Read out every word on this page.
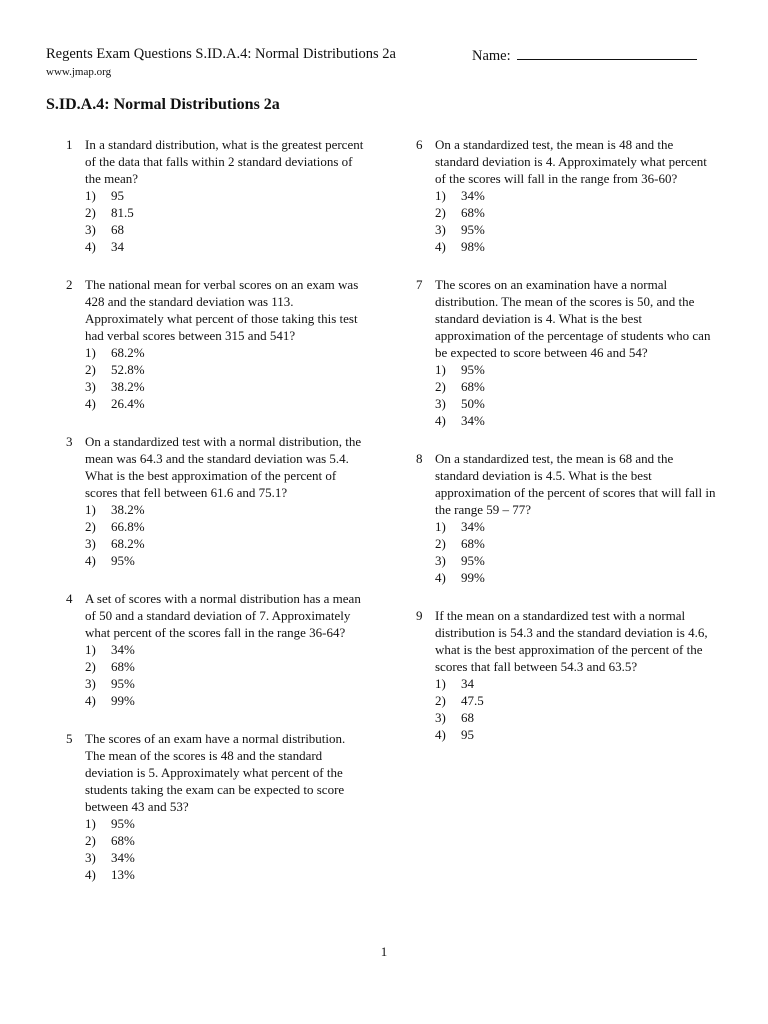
Regents Exam Questions S.ID.A.4: Normal Distributions 2a
www.jmap.org
Name:
S.ID.A.4: Normal Distributions 2a
1 In a standard distribution, what is the greatest percent of the data that falls within 2 standard deviations of the mean?
1)	95
2)	81.5
3)	68
4)	34
2 The national mean for verbal scores on an exam was 428 and the standard deviation was 113. Approximately what percent of those taking this test had verbal scores between 315 and 541?
1)	68.2%
2)	52.8%
3)	38.2%
4)	26.4%
3 On a standardized test with a normal distribution, the mean was 64.3 and the standard deviation was 5.4. What is the best approximation of the percent of scores that fell between 61.6 and 75.1?
1)	38.2%
2)	66.8%
3)	68.2%
4)	95%
4 A set of scores with a normal distribution has a mean of 50 and a standard deviation of 7. Approximately what percent of the scores fall in the range 36-64?
1)	34%
2)	68%
3)	95%
4)	99%
5 The scores of an exam have a normal distribution. The mean of the scores is 48 and the standard deviation is 5. Approximately what percent of the students taking the exam can be expected to score between 43 and 53?
1)	95%
2)	68%
3)	34%
4)	13%
6 On a standardized test, the mean is 48 and the standard deviation is 4. Approximately what percent of the scores will fall in the range from 36-60?
1)	34%
2)	68%
3)	95%
4)	98%
7 The scores on an examination have a normal distribution. The mean of the scores is 50, and the standard deviation is 4. What is the best approximation of the percentage of students who can be expected to score between 46 and 54?
1)	95%
2)	68%
3)	50%
4)	34%
8 On a standardized test, the mean is 68 and the standard deviation is 4.5. What is the best approximation of the percent of scores that will fall in the range 59 – 77?
1)	34%
2)	68%
3)	95%
4)	99%
9 If the mean on a standardized test with a normal distribution is 54.3 and the standard deviation is 4.6, what is the best approximation of the percent of the scores that fall between 54.3 and 63.5?
1)	34
2)	47.5
3)	68
4)	95
1
